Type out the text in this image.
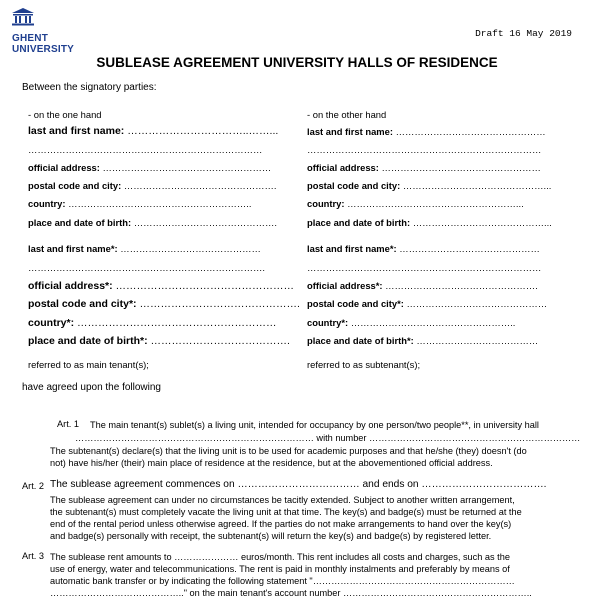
GHENT
UNIVERSITY
Draft 16 May 2019
SUBLEASE AGREEMENT UNIVERSITY HALLS OF RESIDENCE
Between the signatory parties:
- on the one hand
last and first name: ……………………………..……...
…………………………………………………………………
official address: ………………………………………………
postal code and city: ………………………………………….
country: …………………………………………………..
place and date of birth: ……………………………………….
last and first name*: ………………………………………
………………………………………………………………….
official address*: ……………………………………………
postal code and city*: ……………………………………….
country*: …………………………………………………
place and date of birth*: ………………………………….
referred to as main tenant(s);
- on the other hand
last and first name: …………………………………………
…………………………………………………………………
official address: ……………………………………………
postal code and city: ………………………………………...
country: ………………………………………………...
place and date of birth: ……………………………………...
last and first name*: ………………………………………
…………………………………………………………………
official address*: ………………………………………….
postal code and city*: ………………………………………
country*: ……………………………………………..
place and date of birth*: …………………………………
referred to as subtenant(s);
have agreed upon the following
Art. 1 The main tenant(s) sublet(s) a living unit, intended for occupancy by one person/two people**, in university hall
…………………………………………………………………… with number ……………………………………………………………
The subtenant(s) declare(s) that the living unit is to be used for academic purposes and that he/she (they) doesn't (do
not) have his/her (their) main place of residence at the residence, but at the abovementioned official address.
Art. 2 The sublease agreement commences on ……………………………… and ends on ……………………………….
The sublease agreement can under no circumstances be tacitly extended. Subject to another written arrangement,
the subtenant(s) must completely vacate the living unit at that time. The key(s) and badge(s) must be returned at the
end of the rental period unless otherwise agreed. If the parties do not make arrangements to hand over the key(s)
and badge(s) personally with receipt, the subtenant(s) will return the key(s) and badge(s) by registered letter.
Art. 3 The sublease rent amounts to ………………… euros/month. This rent includes all costs and charges, such as the
use of energy, water and telecommunications. The rent is paid in monthly instalments and preferably by means of
automatic bank transfer or by indicating the following statement "…………………………………………………………
…………………………………….." on the main tenant's account number ……………………………………………………..
